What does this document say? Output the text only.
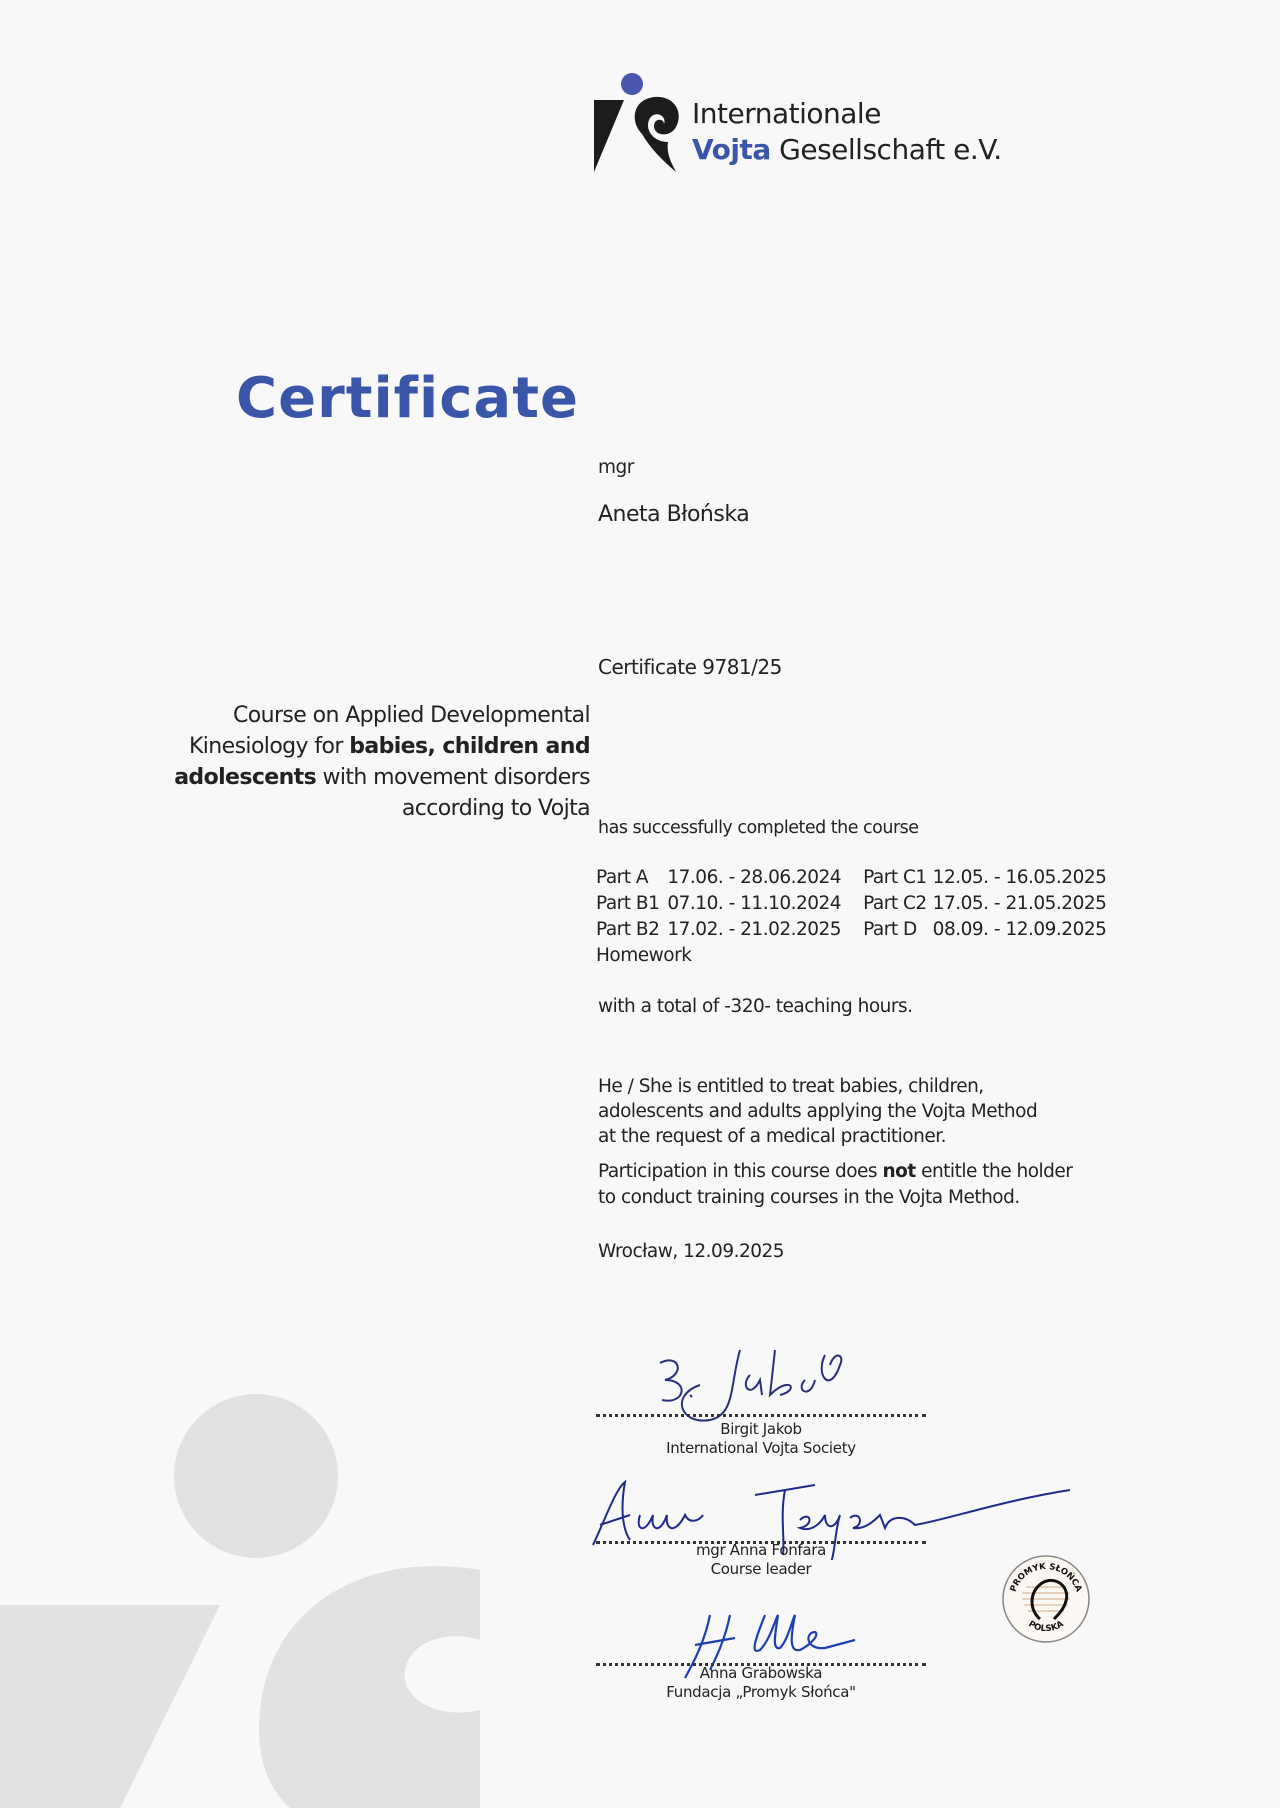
Internationale
Vojta Gesellschaft e.V.
Certificate
mgr
Aneta Błońska
Certificate 9781/25
Course on Applied Developmental
Kinesiology for babies, children and
adolescents with movement disorders
according to Vojta
has successfully completed the course
Part A	17.06. - 28.06.2024	Part C1	12.05. - 16.05.2025
Part B1	07.10. - 11.10.2024	Part C2	17.05. - 21.05.2025
Part B2	17.02. - 21.02.2025	Part D	08.09. - 12.09.2025
Homework			
with a total of -320- teaching hours.
He / She is entitled to treat babies, children,
adolescents and adults applying the Vojta Method
at the request of a medical practitioner.
Participation in this course does not entitle the holder
to conduct training courses in the Vojta Method.
Wrocław, 12.09.2025
Birgit Jakob
International Vojta Society
mgr Anna Fonfara
Course leader
Anna Grabowska
Fundacja „Promyk Słońca"
PROMYK SŁOŃCA
POLSKA
